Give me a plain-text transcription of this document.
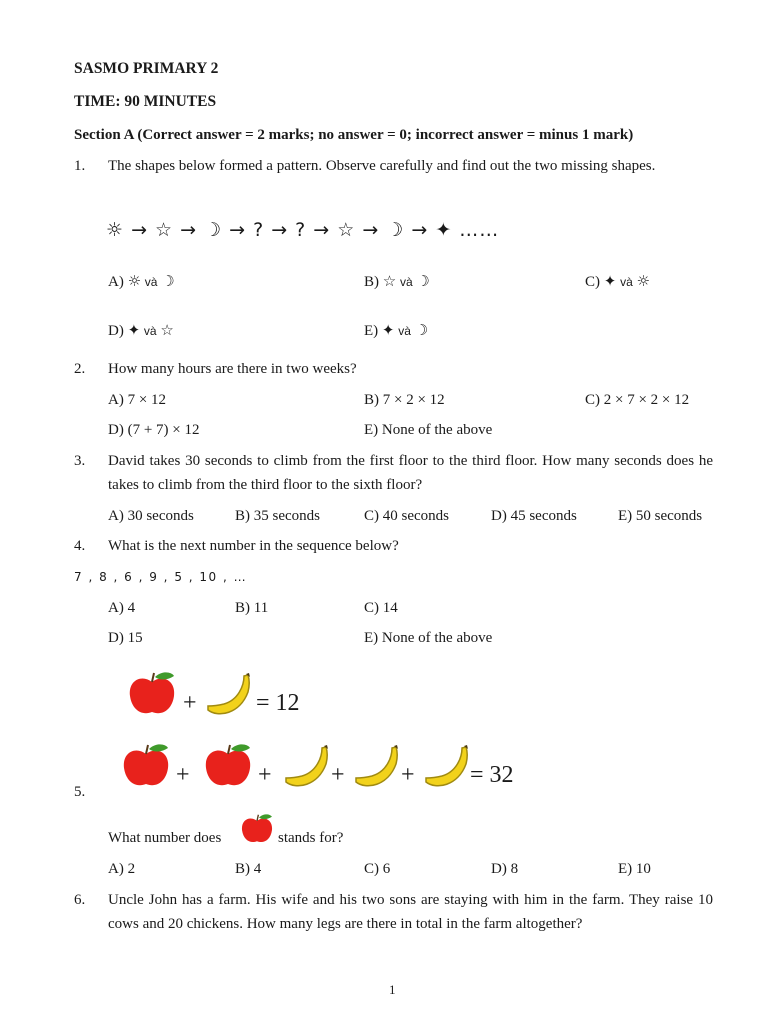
SASMO PRIMARY 2
TIME: 90 MINUTES
Section A (Correct answer = 2 marks; no answer = 0; incorrect answer = minus 1 mark)
1. The shapes below formed a pattern. Observe carefully and find out the two missing shapes.
☼ → ☆ → ☽ → ? → ? → ☆ → ☽ → ✦ ……
A) ☼ và ☽	B) ☆ và ☽	C) ✦ và ☼
D) ✦ và ☆	E) ✦ và ☽
2. How many hours are there in two weeks?
A) 7 × 12	B) 7 × 2 × 12	C) 2 × 7 × 2 × 12
D) (7 + 7) × 12	E) None of the above
3. David takes 30 seconds to climb from the first floor to the third floor. How many seconds does he takes to climb from the third floor to the sixth floor?
A) 30 seconds	B) 35 seconds	C) 40 seconds	D) 45 seconds	E) 50 seconds
4. What is the next number in the sequence below?
7 , 8 , 6 , 9 , 5 , 10 , …
A) 4	B) 11	C) 14
D) 15	E) None of the above
+ = 12
+	+ + + = 32
5.
What number does	stands for?
A) 2	B) 4	C) 6	D) 8	E) 10
6. Uncle John has a farm. His wife and his two sons are staying with him in the farm. They raise 10 cows and 20 chickens. How many legs are there in total in the farm altogether?
1
